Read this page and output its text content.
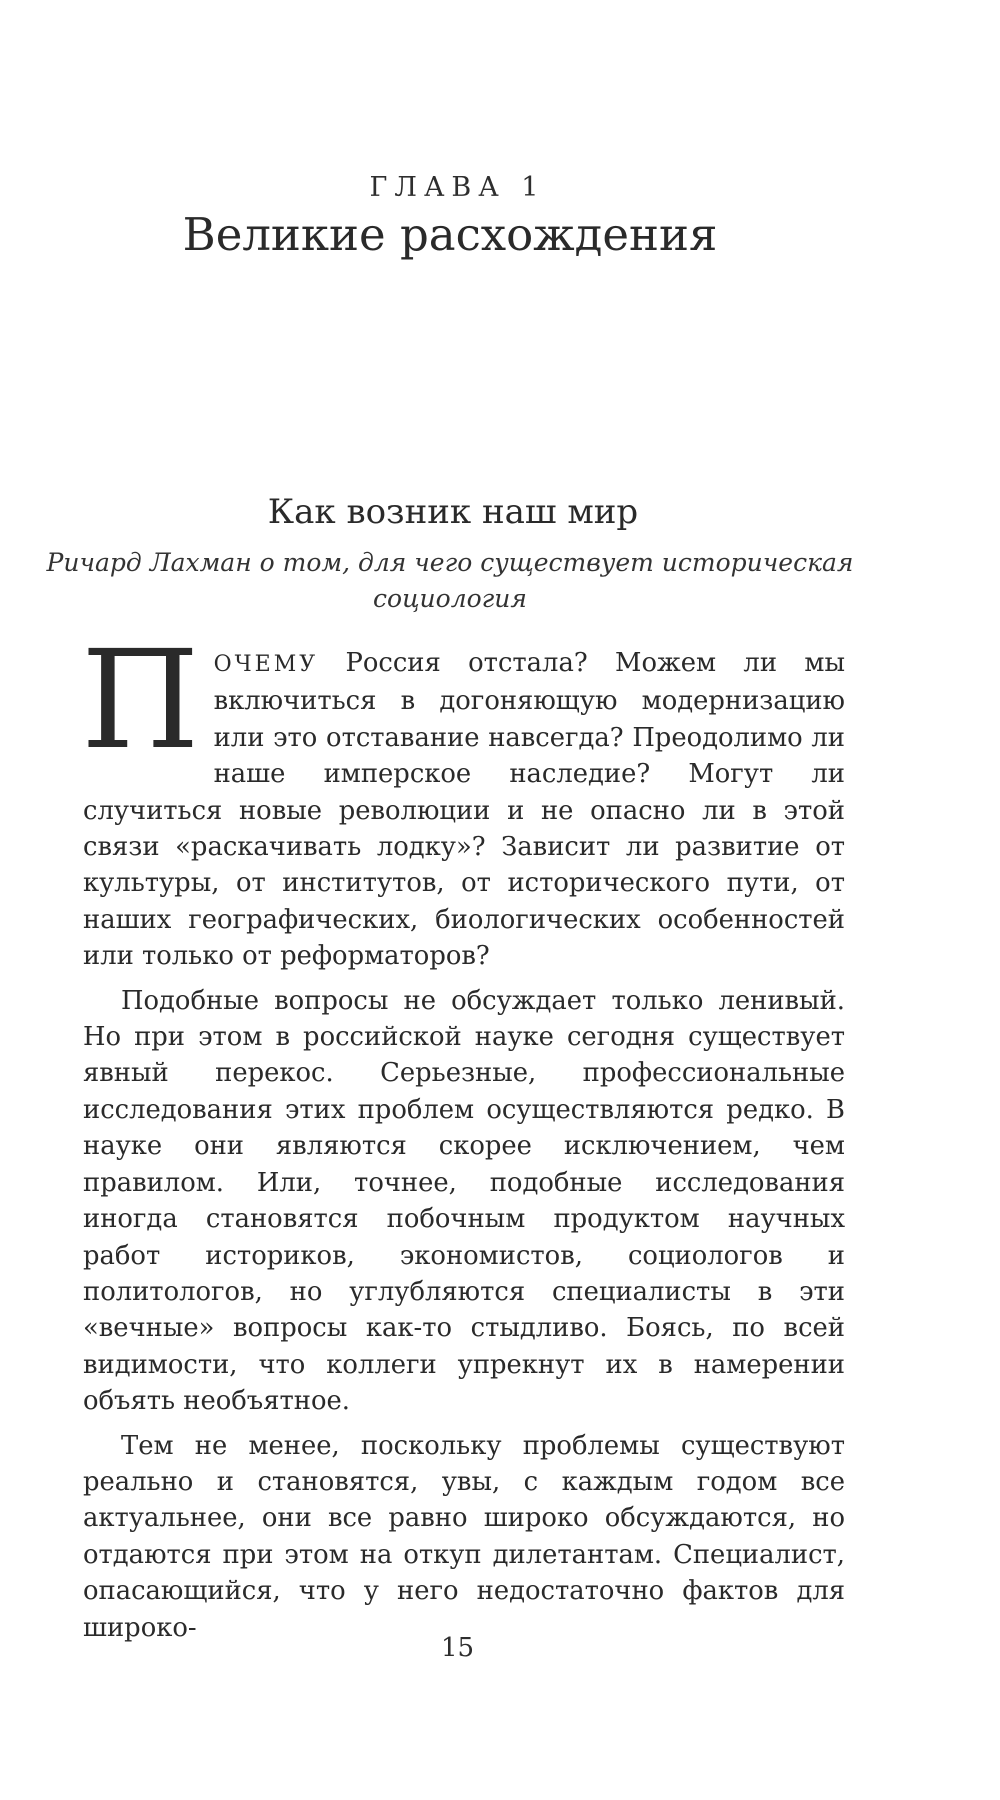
ГЛАВА 1
Великие расхождения
Как возник наш мир
Ричард Лахман о том, для чего существует историческая социология

ПОЧЕМУ Россия отстала? Можем ли мы включиться в догоняющую модернизацию или это отставание навсегда? Преодолимо ли наше имперское наследие? Могут ли случиться новые революции и не опасно ли в этой связи «раскачивать лодку»? Зависит ли развитие от культуры, от институтов, от исторического пути, от наших географических, биологических особенностей или только от реформаторов?

Подобные вопросы не обсуждает только ленивый. Но при этом в российской науке сегодня существует явный перекос. Серьезные, профессиональные исследования этих проблем осуществляются редко. В науке они являются скорее исключением, чем правилом. Или, точнее, подобные исследования иногда становятся побочным продуктом научных работ историков, экономистов, социологов и политологов, но углубляются специалисты в эти «вечные» вопросы как-то стыдливо. Боясь, по всей видимости, что коллеги упрекнут их в намерении объять необъятное.

Тем не менее, поскольку проблемы существуют реально и становятся, увы, с каждым годом все актуальнее, они все равно широко обсуждаются, но отдаются при этом на откуп дилетантам. Специалист, опасающийся, что у него недостаточно фактов для широко-

15
